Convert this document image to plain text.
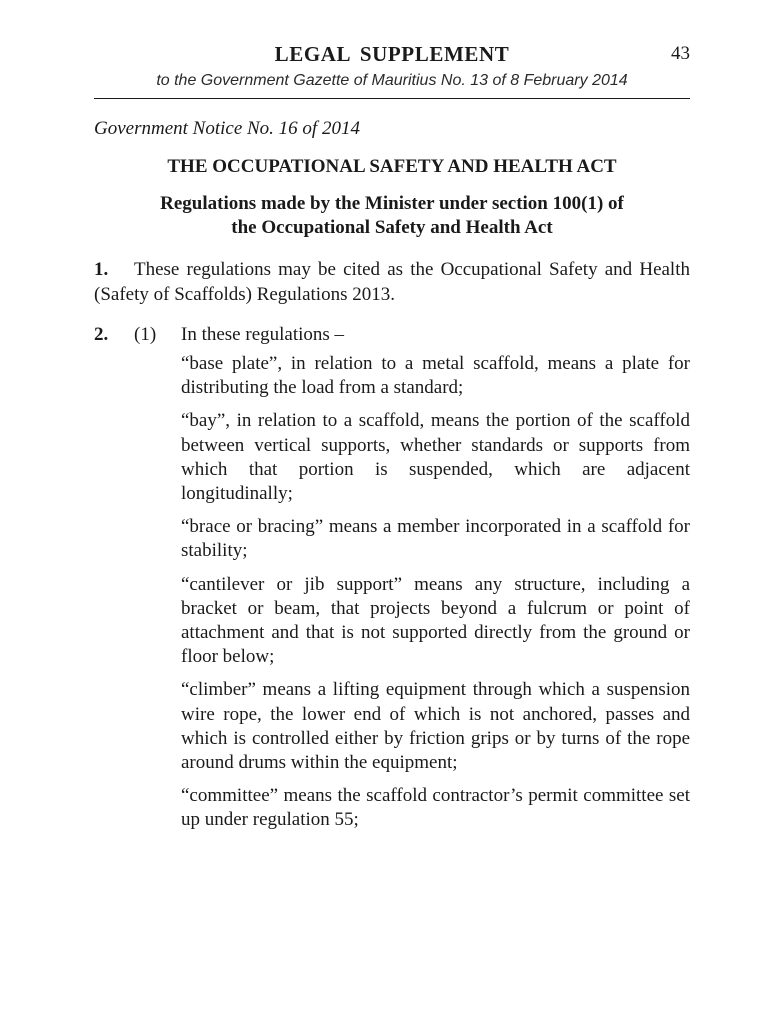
LEGAL SUPPLEMENT	43
to the Government Gazette of Mauritius No. 13 of 8 February 2014
Government Notice No. 16 of 2014
THE OCCUPATIONAL SAFETY AND HEALTH ACT
Regulations made by the Minister under section 100(1) of
the Occupational Safety and Health Act
1. These regulations may be cited as the Occupational Safety and Health (Safety of Scaffolds) Regulations 2013.
2. (1) In these regulations –

“base plate”, in relation to a metal scaffold, means a plate for distributing the load from a standard;

“bay”, in relation to a scaffold, means the portion of the scaffold between vertical supports, whether standards or supports from which that portion is suspended, which are adjacent longitudinally;

“brace or bracing” means a member incorporated in a scaffold for stability;

“cantilever or jib support” means any structure, including a bracket or beam, that projects beyond a fulcrum or point of attachment and that is not supported directly from the ground or floor below;

“climber” means a lifting equipment through which a suspension wire rope, the lower end of which is not anchored, passes and which is controlled either by friction grips or by turns of the rope around drums within the equipment;

“committee” means the scaffold contractor’s permit committee set up under regulation 55;
